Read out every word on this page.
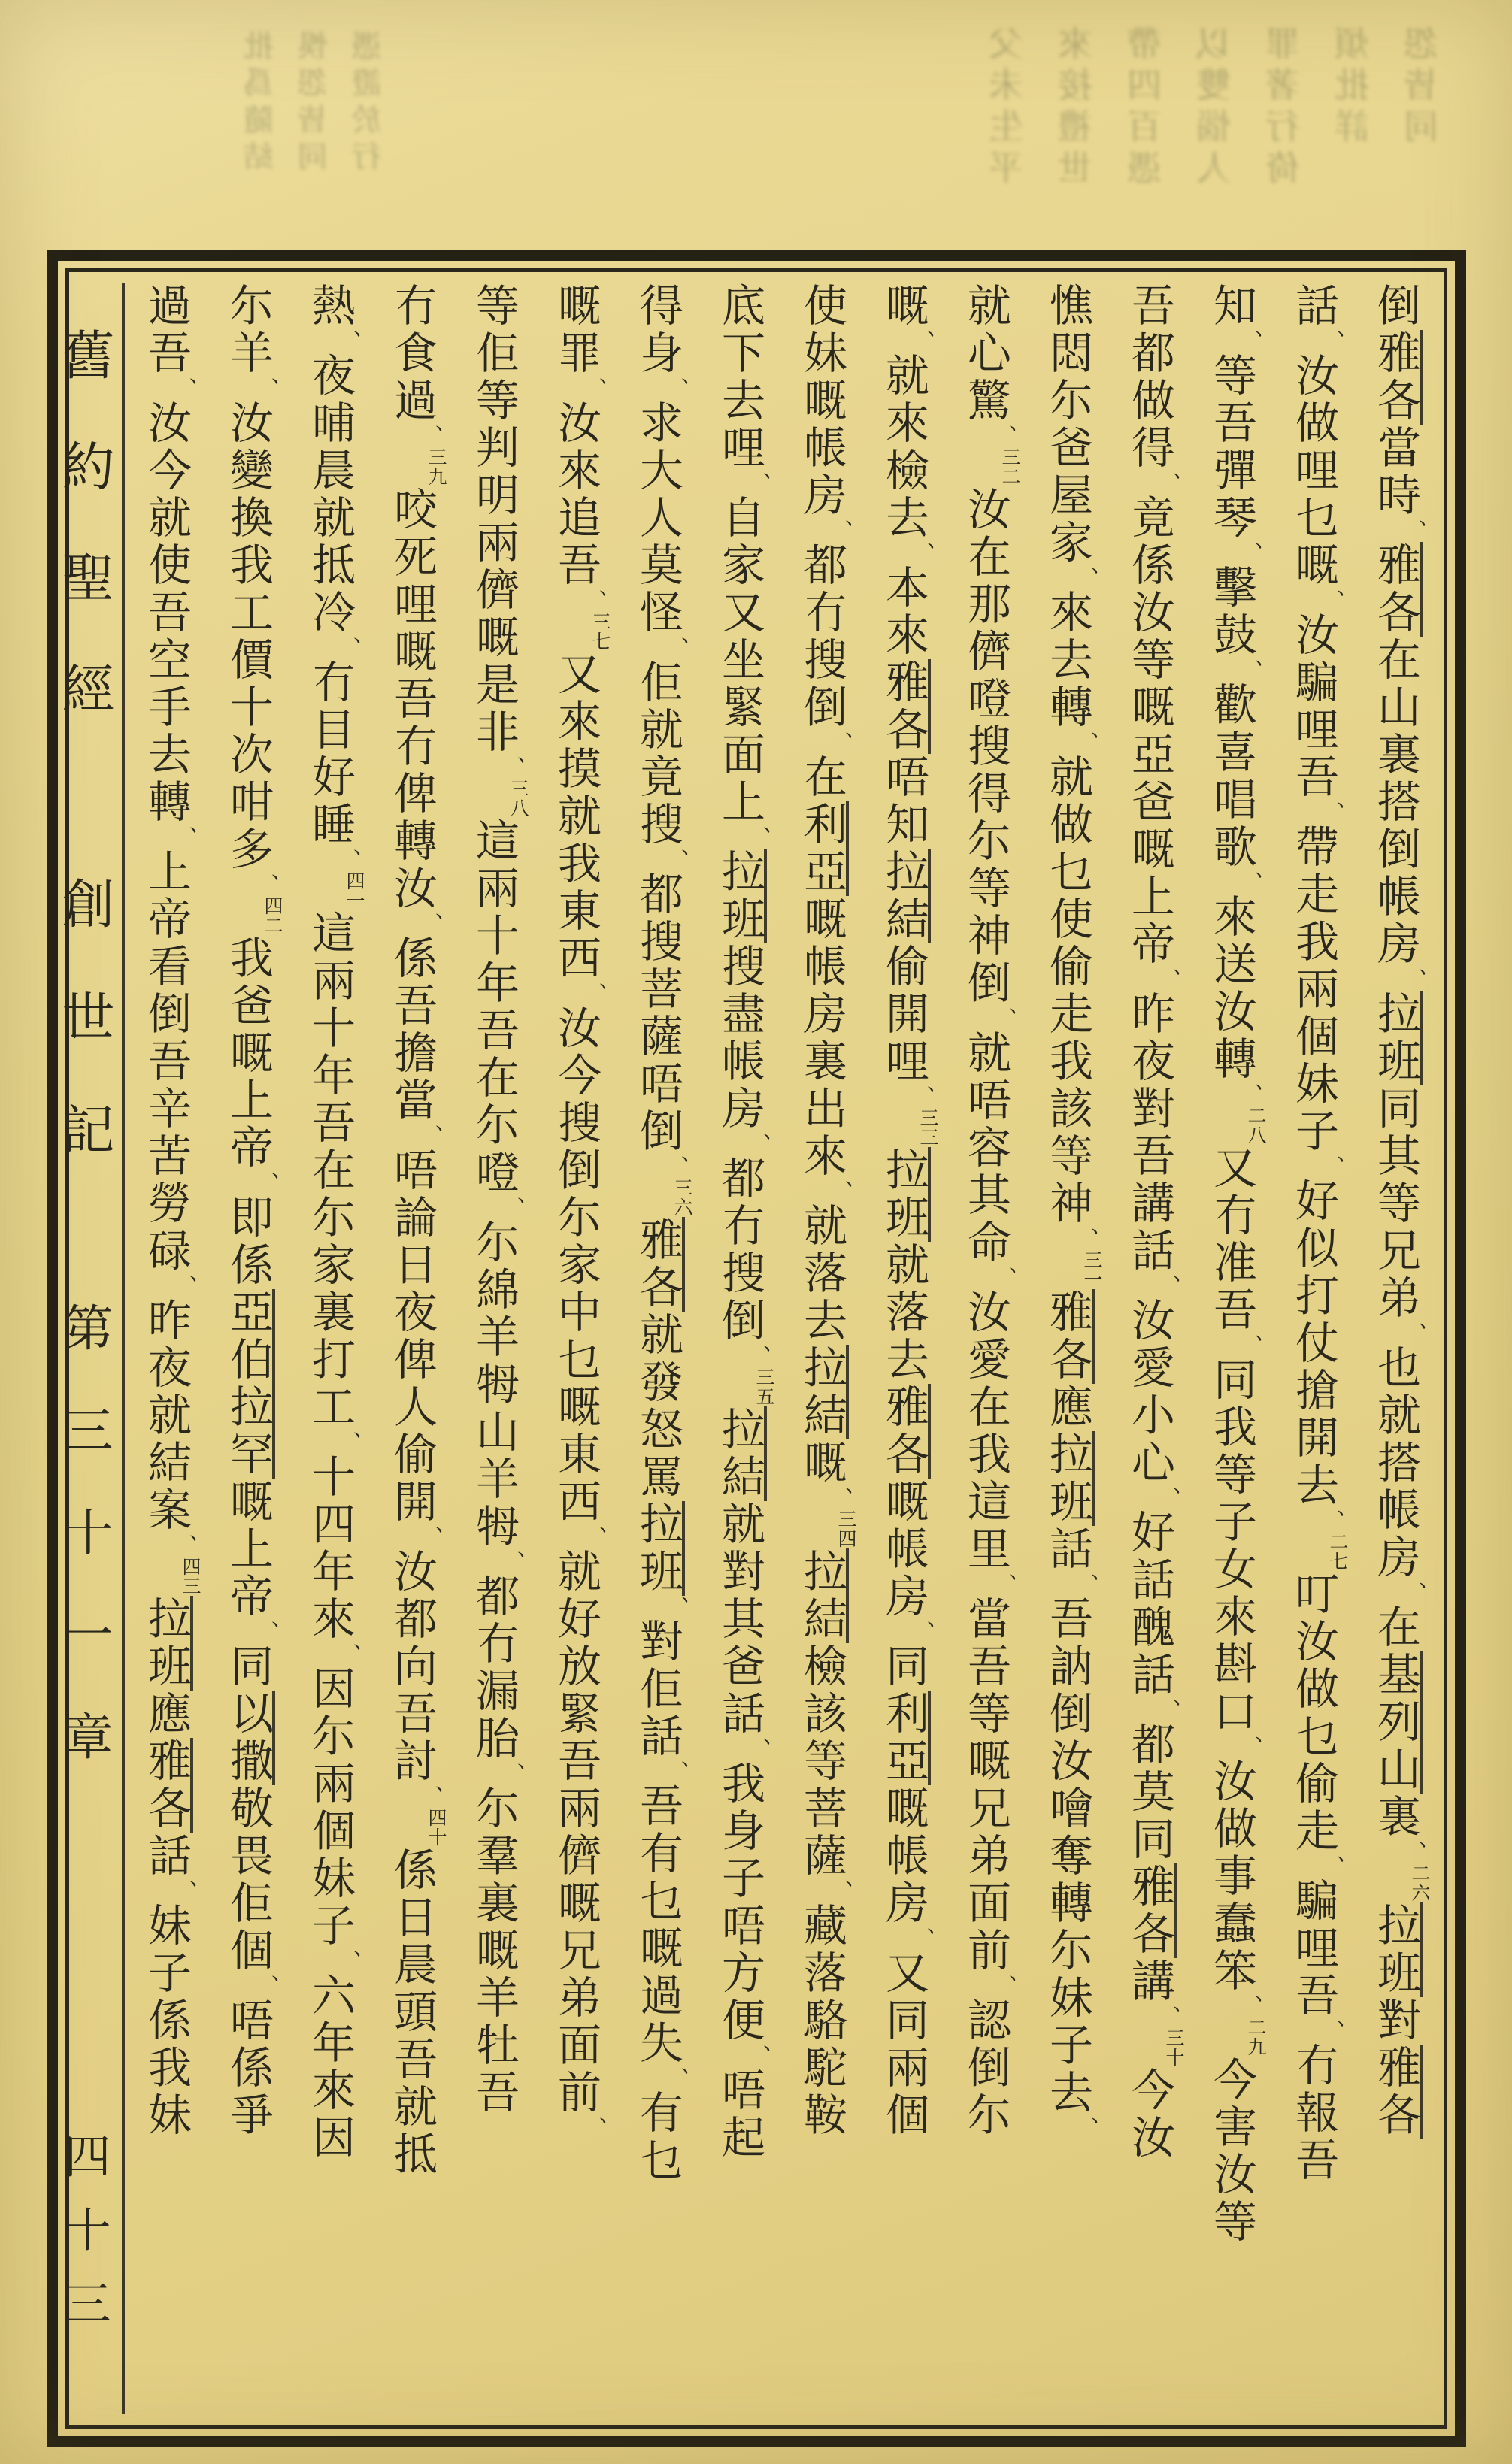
批爲隨結 悞怨皆同 憑證於行	父未生平 來接禮世 帶四百憑 以雙惱人 罪著行倚 煩批詳 怨皆同
倒雅各當時、雅各在山裏搭倒帳房、拉班同其等兄弟、也就搭帳房、在基列山裏、二六拉班對雅各
話、汝做哩乜嘅、汝騙哩吾、帶走我兩個妹子、好似打仗搶開去、二七叮汝做乜偷走、騙哩吾、冇報吾
知、等吾彈琴、擊鼓、歡喜唱歌、來送汝轉、二八又冇准吾、同我等子女來斟口、汝做事蠢笨、二九今害汝等
吾都做得、竟係汝等嘅亞爸嘅上帝、昨夜對吾講話、汝愛小心、好話醜話、都莫同雅各講、三十今汝
憔悶尓爸屋家、來去轉、就做乜使偷走我該等神、三一雅各應拉班話、吾訥倒汝噲奪轉尓妹子去、
就心驚、三二汝在那儕噔搜得尓等神倒、就唔容其命、汝愛在我這里、當吾等嘅兄弟面前、認倒尓
嘅、就來檢去、本來雅各唔知拉結偷開哩、三三拉班就落去雅各嘅帳房、同利亞嘅帳房、又同兩個
使妹嘅帳房、都冇搜倒、在利亞嘅帳房裏出來、就落去拉結嘅、三四拉結檢該等菩薩、藏落駱駝鞍
底下去哩、自家又坐緊面上、拉班搜盡帳房、都冇搜倒、三五拉結就對其爸話、我身子唔方便、唔起
得身、求大人莫怪、佢就竟搜、都搜菩薩唔倒、三六雅各就發怒罵拉班、對佢話、吾有乜嘅過失、有乜
嘅罪、汝來追吾、三七又來摸就我東西、汝今搜倒尓家中乜嘅東西、就好放緊吾兩儕嘅兄弟面前、
等佢等判明兩儕嘅是非、三八這兩十年吾在尓噔、尓綿羊牳山羊牳、都冇漏胎、尓羣裏嘅羊牡吾
冇食過、三九咬死哩嘅吾冇俾轉汝、係吾擔當、唔論日夜俾人偷開、汝都向吾討、四十係日晨頭吾就抵
熱、夜晡晨就抵冷、冇目好睡、四一這兩十年吾在尓家裏打工、十四年來、因尓兩個妹子、六年來因
尓羊、汝變換我工價十次咁多、四二我爸嘅上帝、即係亞伯拉罕嘅上帝、同以撒敬畏佢個、唔係爭
過吾、汝今就使吾空手去轉、上帝看倒吾辛苦勞碌、昨夜就結案、四三拉班應雅各話、妹子係我妹
舊約聖經
創世記
第三十一章
四十三
